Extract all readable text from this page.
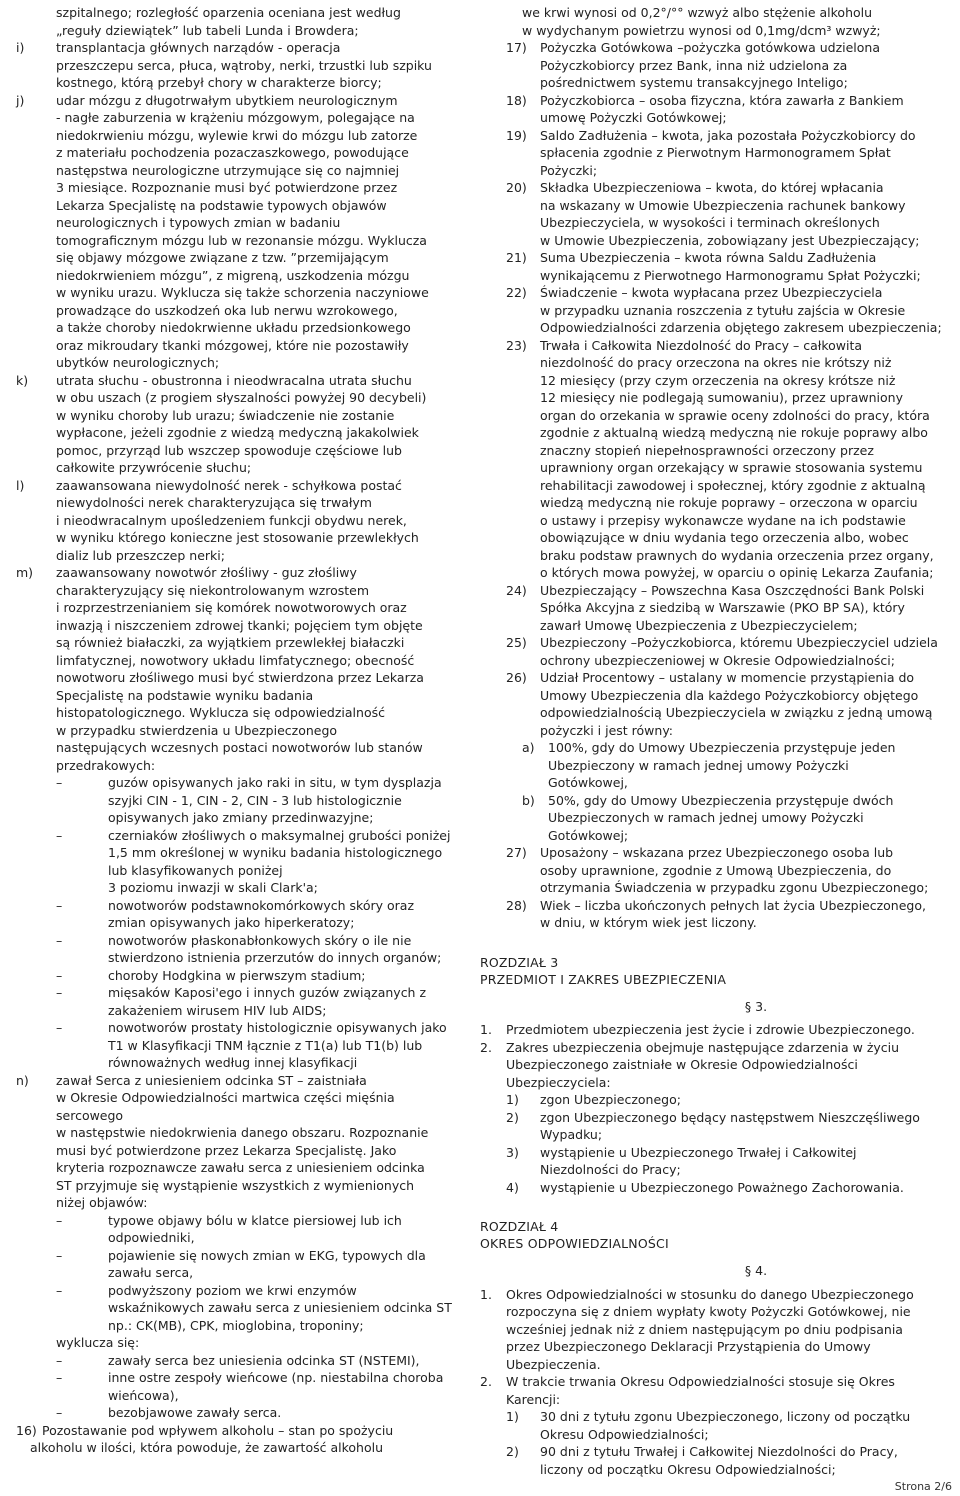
szpitalnego; rozległość oparzenia oceniana jest według
„reguły dziewiątek” lub tabeli Lunda i Browdera;
i)	transplantacja głównych narządów - operacja
przeszczepu serca, płuca, wątroby, nerki, trzustki lub szpiku
kostnego, którą przebył chory w charakterze biorcy;
j)	udar mózgu z długotrwałym ubytkiem neurologicznym
- nagłe zaburzenia w krążeniu mózgowym, polegające na
niedokrwieniu mózgu, wylewie krwi do mózgu lub zatorze
z materiału pochodzenia pozaczaszkowego, powodujące
następstwa neurologiczne utrzymujące się co najmniej
3 miesiące. Rozpoznanie musi być potwierdzone przez
Lekarza Specjalistę na podstawie typowych objawów
neurologicznych i typowych zmian w badaniu
tomograficznym mózgu lub w rezonansie mózgu. Wyklucza
się objawy mózgowe związane z tzw. ”przemijającym
niedokrwieniem mózgu”, z migreną, uszkodzenia mózgu
w wyniku urazu. Wyklucza się także schorzenia naczyniowe
prowadzące do uszkodzeń oka lub nerwu wzrokowego,
a także choroby niedokrwienne układu przedsionkowego
oraz mikroudary tkanki mózgowej, które nie pozostawiły
ubytków neurologicznych;
k)	utrata słuchu - obustronna i nieodwracalna utrata słuchu
w obu uszach (z progiem słyszalności powyżej 90 decybeli)
w wyniku choroby lub urazu; świadczenie nie zostanie
wypłacone, jeżeli zgodnie z wiedzą medyczną jakakolwiek
pomoc, przyrząd lub wszczep spowoduje częściowe lub
całkowite przywrócenie słuchu;
l)	zaawansowana niewydolność nerek - schyłkowa postać
niewydolności nerek charakteryzująca się trwałym
i nieodwracalnym upośledzeniem funkcji obydwu nerek,
w wyniku którego konieczne jest stosowanie przewlekłych
dializ lub przeszczep nerki;
m)	zaawansowany nowotwór złośliwy - guz złośliwy
charakteryzujący się niekontrolowanym wzrostem
i rozprzestrzenianiem się komórek nowotworowych oraz
inwazją i niszczeniem zdrowej tkanki; pojęciem tym objęte
są również białaczki, za wyjątkiem przewlekłej białaczki
limfatycznej, nowotwory układu limfatycznego; obecność
nowotworu złośliwego musi być stwierdzona przez Lekarza
Specjalistę na podstawie wyniku badania
histopatologicznego. Wyklucza się odpowiedzialność
w przypadku stwierdzenia u Ubezpieczonego
następujących wczesnych postaci nowotworów lub stanów
przedrakowych:
–	guzów opisywanych jako raki in situ, w tym dysplazja
szyjki CIN - 1, CIN - 2, CIN - 3 lub histologicznie
opisywanych jako zmiany przedinwazyjne;
–	czerniaków złośliwych o maksymalnej grubości poniżej
1,5 mm określonej w wyniku badania histologicznego
lub klasyfikowanych poniżej
3 poziomu inwazji w skali Clark'a;
–	nowotworów podstawnokomórkowych skóry oraz
zmian opisywanych jako hiperkeratozy;
–	nowotworów płaskonabłonkowych skóry o ile nie
stwierdzono istnienia przerzutów do innych organów;
–	choroby Hodgkina w pierwszym stadium;
–	mięsaków Kaposi'ego i innych guzów związanych z
zakażeniem wirusem HIV lub AIDS;
–	nowotworów prostaty histologicznie opisywanych jako
T1 w Klasyfikacji TNM łącznie z T1(a) lub T1(b) lub
równoważnych według innej klasyfikacji
n)	zawał Serca z uniesieniem odcinka ST – zaistniała
w Okresie Odpowiedzialności martwica części mięśnia
sercowego
w następstwie niedokrwienia danego obszaru. Rozpoznanie
musi być potwierdzone przez Lekarza Specjalistę. Jako
kryteria rozpoznawcze zawału serca z uniesieniem odcinka
ST przyjmuje się wystąpienie wszystkich z wymienionych
niżej objawów:
–	typowe objawy bólu w klatce piersiowej lub ich
odpowiedniki,
–	pojawienie się nowych zmian w EKG, typowych dla
zawału serca,
–	podwyższony poziom we krwi enzymów
wskaźnikowych zawału serca z uniesieniem odcinka ST
np.: CK(MB), CPK, mioglobina, troponiny;
wyklucza się:
–	zawały serca bez uniesienia odcinka ST (NSTEMI),
–	inne ostre zespoły wieńcowe (np. niestabilna choroba
wieńcowa),
–	bezobjawowe zawały serca.
16) Pozostawanie pod wpływem alkoholu – stan po spożyciu
alkoholu w ilości, która powoduje, że zawartość alkoholu
we krwi wynosi od 0,2°/°° wzwyż albo stężenie alkoholu
w wydychanym powietrzu wynosi od 0,1mg/dcm³ wzwyż;
17)	Pożyczka Gotówkowa –pożyczka gotówkowa udzielona
Pożyczkobiorcy przez Bank, inna niż udzielona za
pośrednictwem systemu transakcyjnego Inteligo;
18)	Pożyczkobiorca – osoba fizyczna, która zawarła z Bankiem
umowę Pożyczki Gotówkowej;
19)	Saldo Zadłużenia – kwota, jaka pozostała Pożyczkobiorcy do
spłacenia zgodnie z Pierwotnym Harmonogramem Spłat
Pożyczki;
20)	Składka Ubezpieczeniowa – kwota, do której wpłacania
na wskazany w Umowie Ubezpieczenia rachunek bankowy
Ubezpieczyciela, w wysokości i terminach określonych
w Umowie Ubezpieczenia, zobowiązany jest Ubezpieczający;
21)	Suma Ubezpieczenia – kwota równa Saldu Zadłużenia
wynikającemu z Pierwotnego Harmonogramu Spłat Pożyczki;
22)	Świadczenie – kwota wypłacana przez Ubezpieczyciela
w przypadku uznania roszczenia z tytułu zajścia w Okresie
Odpowiedzialności zdarzenia objętego zakresem ubezpieczenia;
23)	Trwała i Całkowita Niezdolność do Pracy – całkowita
niezdolność do pracy orzeczona na okres nie krótszy niż
12 miesięcy (przy czym orzeczenia na okresy krótsze niż
12 miesięcy nie podlegają sumowaniu), przez uprawniony
organ do orzekania w sprawie oceny zdolności do pracy, która
zgodnie z aktualną wiedzą medyczną nie rokuje poprawy albo
znaczny stopień niepełnosprawności orzeczony przez
uprawniony organ orzekający w sprawie stosowania systemu
rehabilitacji zawodowej i społecznej, który zgodnie z aktualną
wiedzą medyczną nie rokuje poprawy – orzeczona w oparciu
o ustawy i przepisy wykonawcze wydane na ich podstawie
obowiązujące w dniu wydania tego orzeczenia albo, wobec
braku podstaw prawnych do wydania orzeczenia przez organy,
o których mowa powyżej, w oparciu o opinię Lekarza Zaufania;
24)	Ubezpieczający – Powszechna Kasa Oszczędności Bank Polski
Spółka Akcyjna z siedzibą w Warszawie (PKO BP SA), który
zawarł Umowę Ubezpieczenia z Ubezpieczycielem;
25)	Ubezpieczony –Pożyczkobiorca, któremu Ubezpieczyciel udziela
ochrony ubezpieczeniowej w Okresie Odpowiedzialności;
26)	Udział Procentowy – ustalany w momencie przystąpienia do
Umowy Ubezpieczenia dla każdego Pożyczkobiorcy objętego
odpowiedzialnością Ubezpieczyciela w związku z jedną umową
pożyczki i jest równy:
a)	100%, gdy do Umowy Ubezpieczenia przystępuje jeden
Ubezpieczony w ramach jednej umowy Pożyczki
Gotówkowej,
b)	50%, gdy do Umowy Ubezpieczenia przystępuje dwóch
Ubezpieczonych w ramach jednej umowy Pożyczki
Gotówkowej;
27)	Uposażony – wskazana przez Ubezpieczonego osoba lub
osoby uprawnione, zgodnie z Umową Ubezpieczenia, do
otrzymania Świadczenia w przypadku zgonu Ubezpieczonego;
28)	Wiek – liczba ukończonych pełnych lat życia Ubezpieczonego,
w dniu, w którym wiek jest liczony.
ROZDZIAŁ 3
PRZEDMIOT I ZAKRES UBEZPIECZENIA
§ 3.
1.	Przedmiotem ubezpieczenia jest życie i zdrowie Ubezpieczonego.
2.	Zakres ubezpieczenia obejmuje następujące zdarzenia w życiu
Ubezpieczonego zaistniałe w Okresie Odpowiedzialności
Ubezpieczyciela:
1)	zgon Ubezpieczonego;
2)	zgon Ubezpieczonego będący następstwem Nieszczęśliwego
Wypadku;
3)	wystąpienie u Ubezpieczonego Trwałej i Całkowitej
Niezdolności do Pracy;
4)	wystąpienie u Ubezpieczonego Poważnego Zachorowania.
ROZDZIAŁ 4
OKRES ODPOWIEDZIALNOŚCI
§ 4.
1.	Okres Odpowiedzialności w stosunku do danego Ubezpieczonego
rozpoczyna się z dniem wypłaty kwoty Pożyczki Gotówkowej, nie
wcześniej jednak niż z dniem następującym po dniu podpisania
przez Ubezpieczonego Deklaracji Przystąpienia do Umowy
Ubezpieczenia.
2.	W trakcie trwania Okresu Odpowiedzialności stosuje się Okres
Karencji:
1)	30 dni z tytułu zgonu Ubezpieczonego, liczony od początku
Okresu Odpowiedzialności;
2)	90 dni z tytułu Trwałej i Całkowitej Niezdolności do Pracy,
liczony od początku Okresu Odpowiedzialności;
Strona 2/6
